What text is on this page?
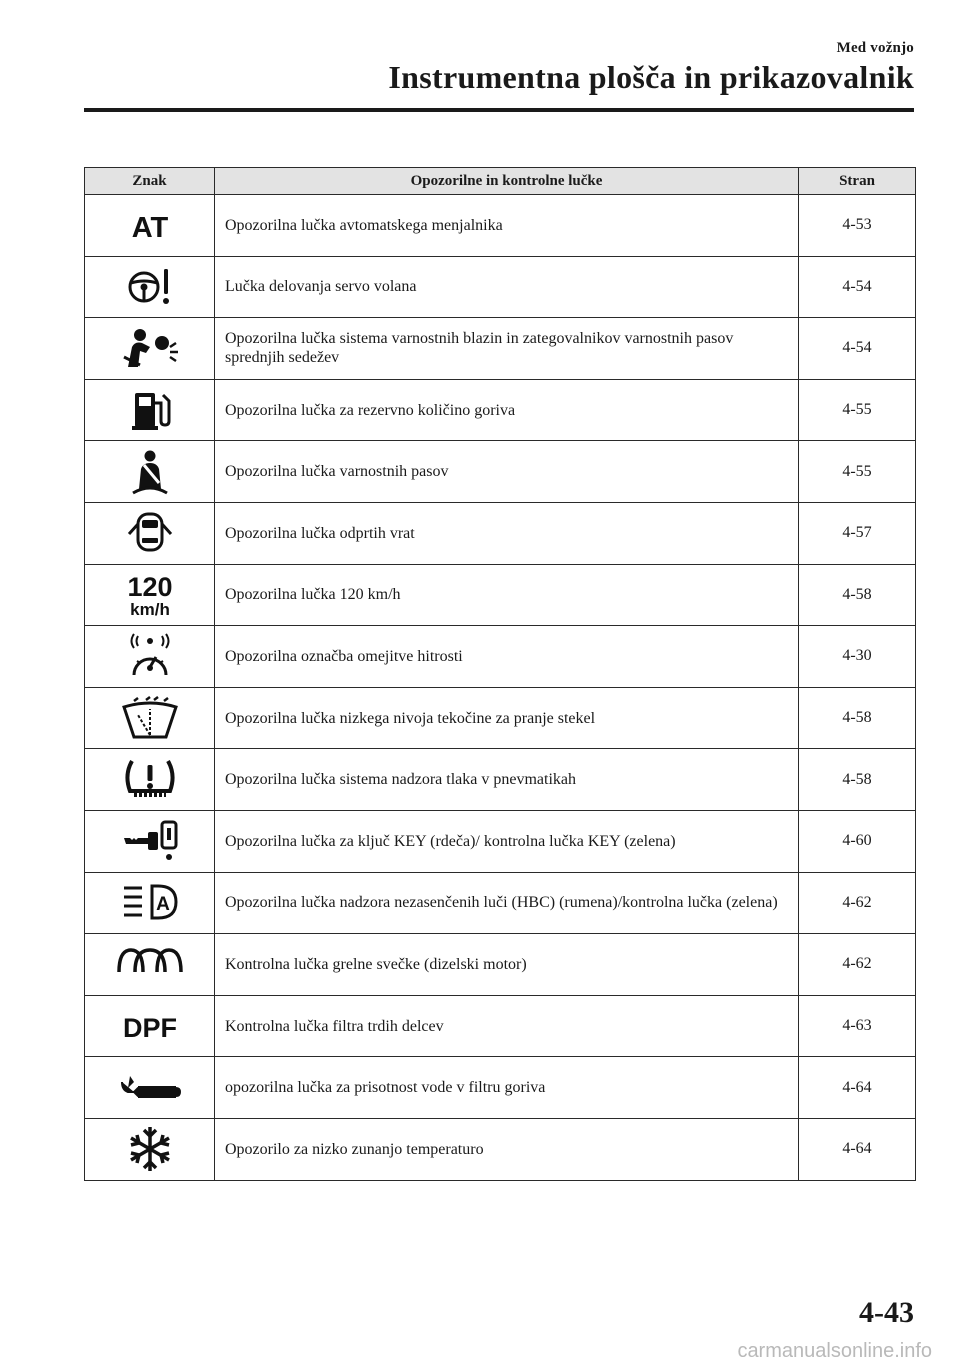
Med vožnjo
Instrumentna plošča in prikazovalnik
Znak	Opozorilne in kontrolne lučke	Stran

AT	Opozorilna lučka avtomatskega menjalnika	4-53

	Lučka delovanja servo volana	4-54

	Opozorilna lučka sistema varnostnih blazin in zategovalnikov varnostnih pasov sprednjih sedežev	4-54

	Opozorilna lučka za rezervno količino goriva	4-55

	Opozorilna lučka varnostnih pasov	4-55

	Opozorilna lučka odprtih vrat	4-57

120
km/h	Opozorilna lučka 120 km/h	4-58

	Opozorilna označba omejitve hitrosti	4-30

	Opozorilna lučka nizkega nivoja tekočine za pranje stekel	4-58

	Opozorilna lučka sistema nadzora tlaka v pnevmatikah	4-58

	Opozorilna lučka za ključ KEY (rdeča)/ kontrolna lučka KEY (zelena)	4-60

A	Opozorilna lučka nadzora nezasenčenih luči (HBC) (rumena)/kontrolna lučka (zelena)	4-62

	Kontrolna lučka grelne svečke (dizelski motor)	4-62

DPF	Kontrolna lučka filtra trdih delcev	4-63

	opozorilna lučka za prisotnost vode v filtru goriva	4-64

	Opozorilo za nizko zunanjo temperaturo	4-64
4-43
carmanualsonline.info
